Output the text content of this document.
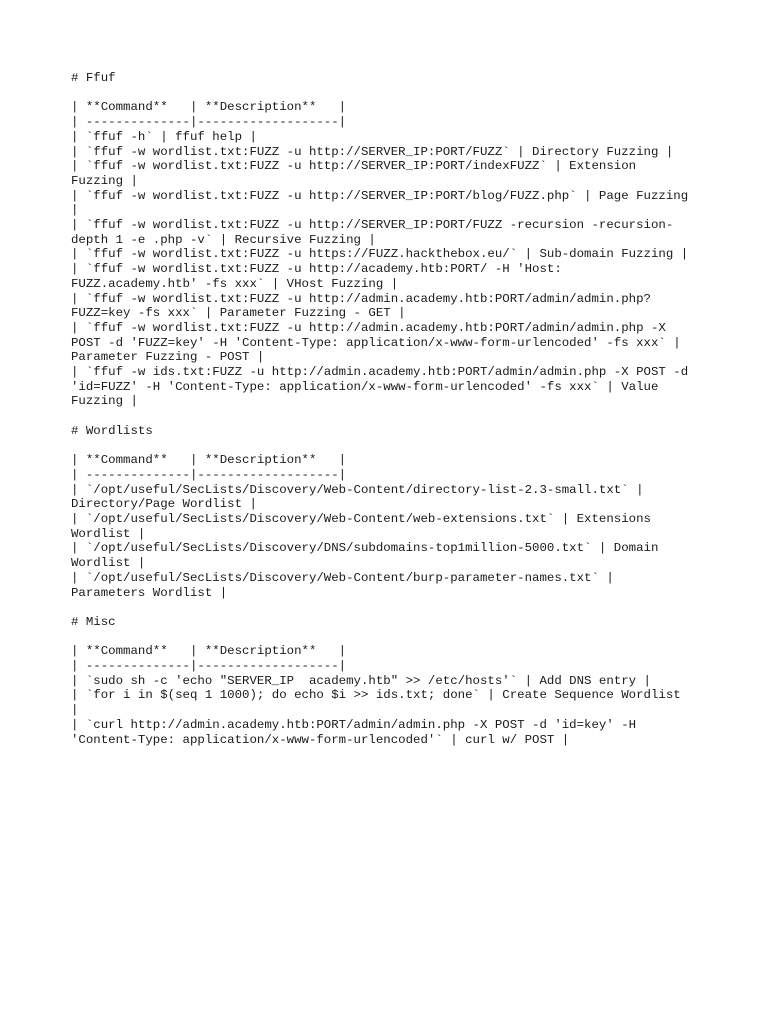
# Ffuf
| **Command**   | **Description**   |
| --------------|-------------------|
| `ffuf -h` | ffuf help |
| `ffuf -w wordlist.txt:FUZZ -u http://SERVER_IP:PORT/FUZZ` | Directory Fuzzing |
| `ffuf -w wordlist.txt:FUZZ -u http://SERVER_IP:PORT/indexFUZZ` | Extension
Fuzzing |
| `ffuf -w wordlist.txt:FUZZ -u http://SERVER_IP:PORT/blog/FUZZ.php` | Page Fuzzing
|
| `ffuf -w wordlist.txt:FUZZ -u http://SERVER_IP:PORT/FUZZ -recursion -recursion-
depth 1 -e .php -v` | Recursive Fuzzing |
| `ffuf -w wordlist.txt:FUZZ -u https://FUZZ.hackthebox.eu/` | Sub-domain Fuzzing |
| `ffuf -w wordlist.txt:FUZZ -u http://academy.htb:PORT/ -H 'Host:
FUZZ.academy.htb' -fs xxx` | VHost Fuzzing |
| `ffuf -w wordlist.txt:FUZZ -u http://admin.academy.htb:PORT/admin/admin.php?
FUZZ=key -fs xxx` | Parameter Fuzzing - GET |
| `ffuf -w wordlist.txt:FUZZ -u http://admin.academy.htb:PORT/admin/admin.php -X
POST -d 'FUZZ=key' -H 'Content-Type: application/x-www-form-urlencoded' -fs xxx` |
Parameter Fuzzing - POST |
| `ffuf -w ids.txt:FUZZ -u http://admin.academy.htb:PORT/admin/admin.php -X POST -d
'id=FUZZ' -H 'Content-Type: application/x-www-form-urlencoded' -fs xxx` | Value
Fuzzing |
# Wordlists
| **Command**   | **Description**   |
| --------------|-------------------|
| `/opt/useful/SecLists/Discovery/Web-Content/directory-list-2.3-small.txt` |
Directory/Page Wordlist |
| `/opt/useful/SecLists/Discovery/Web-Content/web-extensions.txt` | Extensions
Wordlist |
| `/opt/useful/SecLists/Discovery/DNS/subdomains-top1million-5000.txt` | Domain
Wordlist |
| `/opt/useful/SecLists/Discovery/Web-Content/burp-parameter-names.txt` |
Parameters Wordlist |
# Misc
| **Command**   | **Description**   |
| --------------|-------------------|
| `sudo sh -c 'echo "SERVER_IP  academy.htb" >> /etc/hosts'` | Add DNS entry |
| `for i in $(seq 1 1000); do echo $i >> ids.txt; done` | Create Sequence Wordlist
|
| `curl http://admin.academy.htb:PORT/admin/admin.php -X POST -d 'id=key' -H
'Content-Type: application/x-www-form-urlencoded'` | curl w/ POST |
